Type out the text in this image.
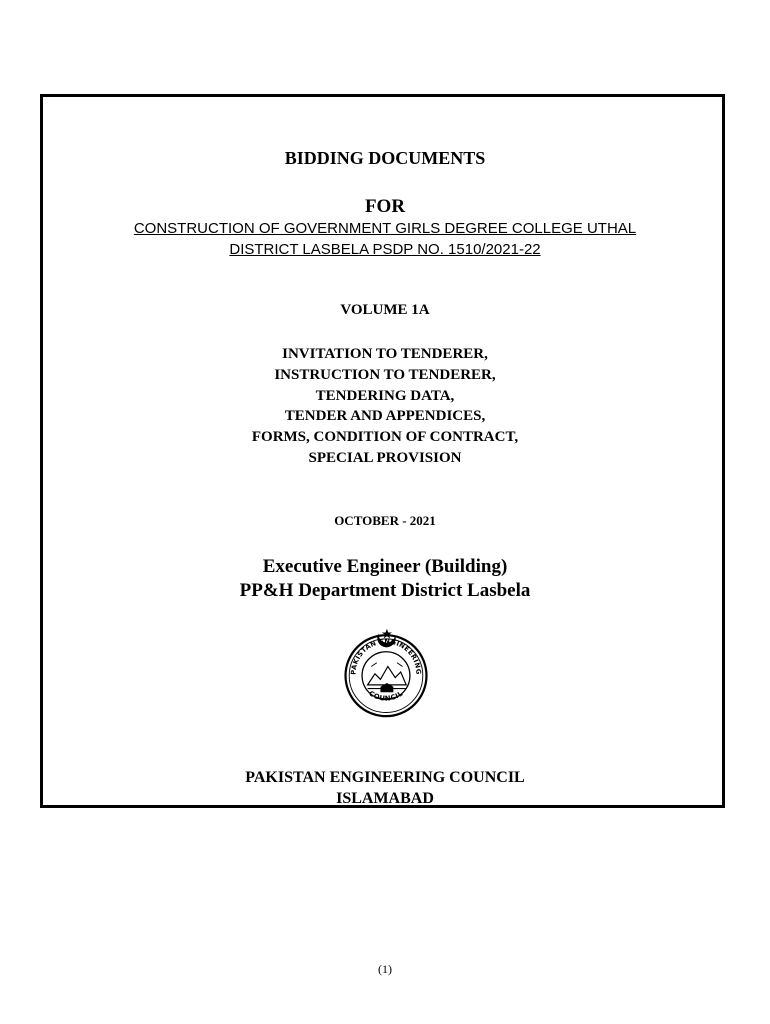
BIDDING DOCUMENTS
FOR
CONSTRUCTION OF GOVERNMENT GIRLS DEGREE COLLEGE UTHAL
DISTRICT LASBELA PSDP NO. 1510/2021-22
VOLUME 1A
INVITATION TO TENDERER,
INSTRUCTION TO TENDERER,
TENDERING DATA,
TENDER AND APPENDICES,
FORMS, CONDITION OF CONTRACT,
SPECIAL PROVISION
OCTOBER - 2021
Executive Engineer (Building)
PP&H Department District Lasbela
PAKISTAN ENGINEERING
COUNCIL
PAKISTAN ENGINEERING COUNCIL
ISLAMABAD
(1)
